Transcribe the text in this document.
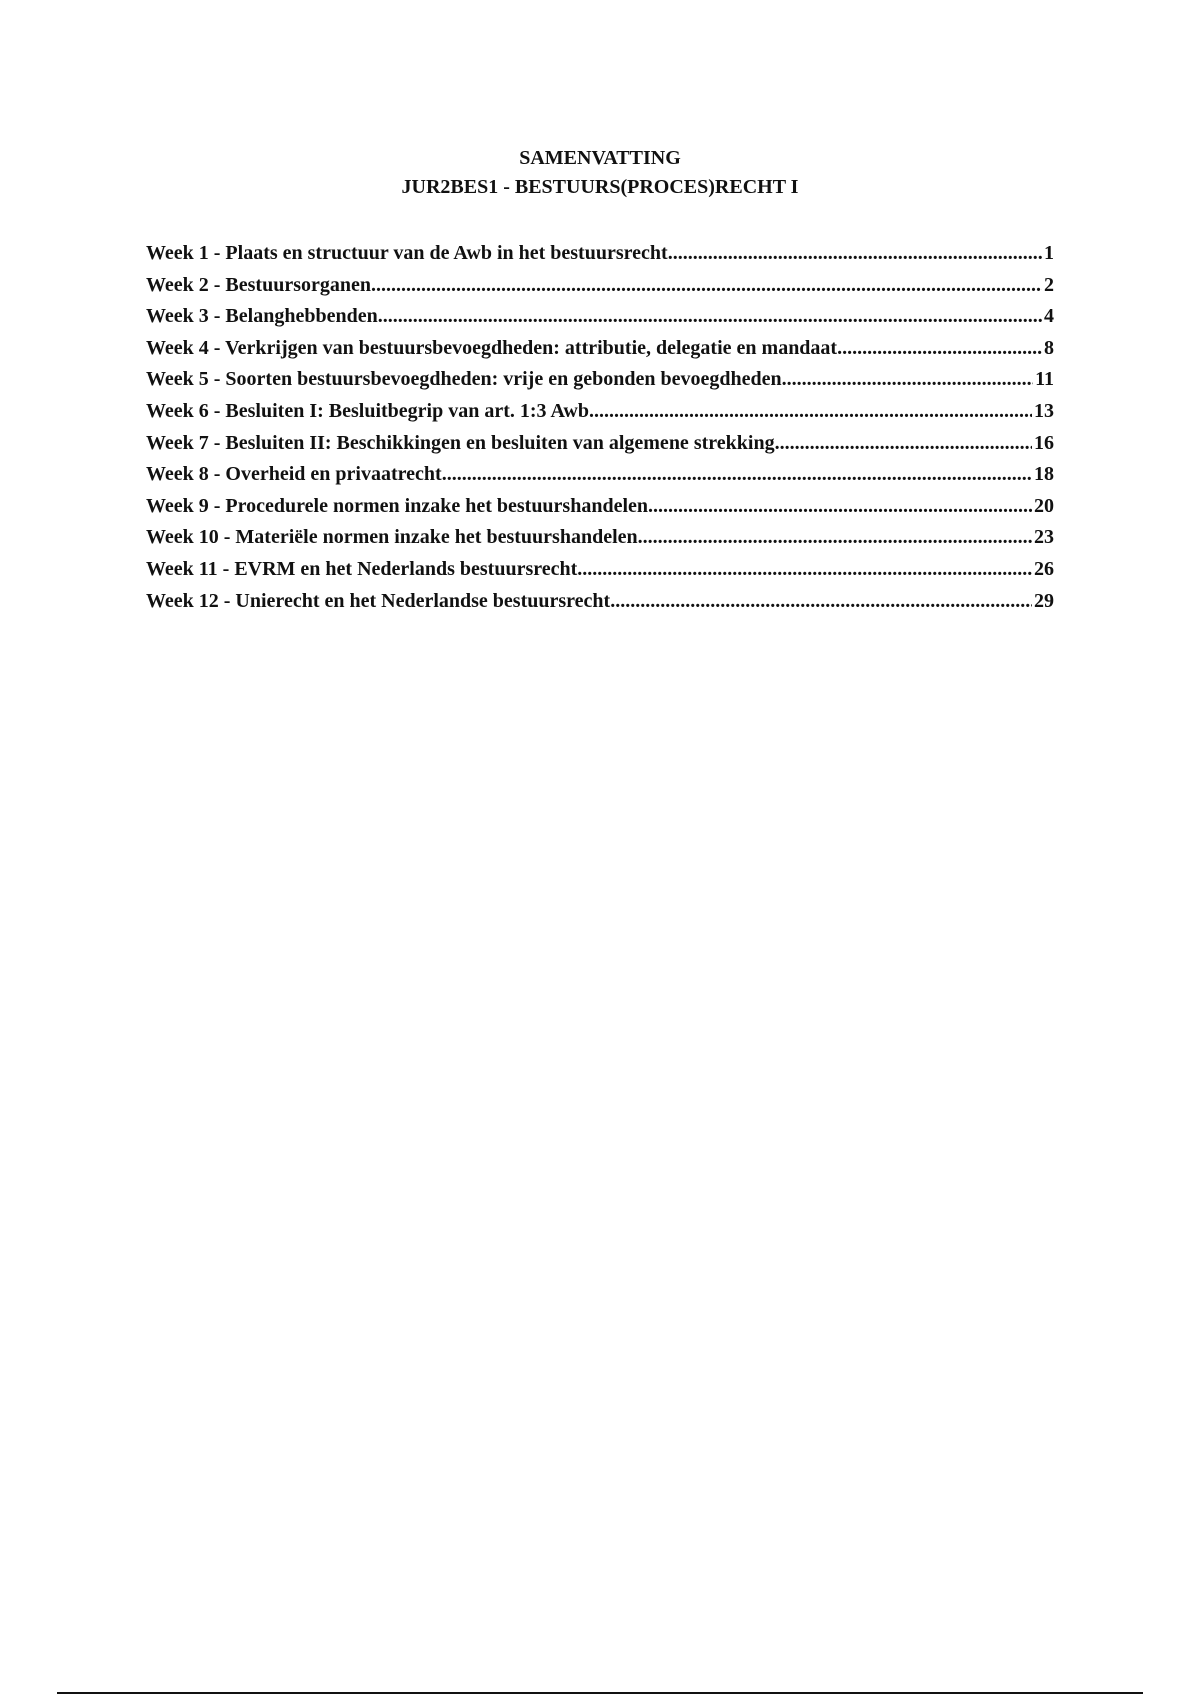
SAMENVATTING
JUR2BES1 - BESTUURS(PROCES)RECHT I
Week 1 - Plaats en structuur van de Awb in het bestuursrecht .....	1
Week 2 - Bestuursorganen .....	2
Week 3 - Belanghebbenden .....	4
Week 4 - Verkrijgen van bestuursbevoegdheden: attributie, delegatie en mandaat .....	8
Week 5 - Soorten bestuursbevoegdheden: vrije en gebonden bevoegdheden .....	11
Week 6 - Besluiten I: Besluitbegrip van art. 1:3 Awb .....	13
Week 7 - Besluiten II: Beschikkingen en besluiten van algemene strekking .....	16
Week 8 - Overheid en privaatrecht .....	18
Week 9 - Procedurele normen inzake het bestuurshandelen .....	20
Week 10 - Materiële normen inzake het bestuurshandelen .....	23
Week 11 - EVRM en het Nederlands bestuursrecht .....	26
Week 12 - Unierecht en het Nederlandse bestuursrecht .....	29
